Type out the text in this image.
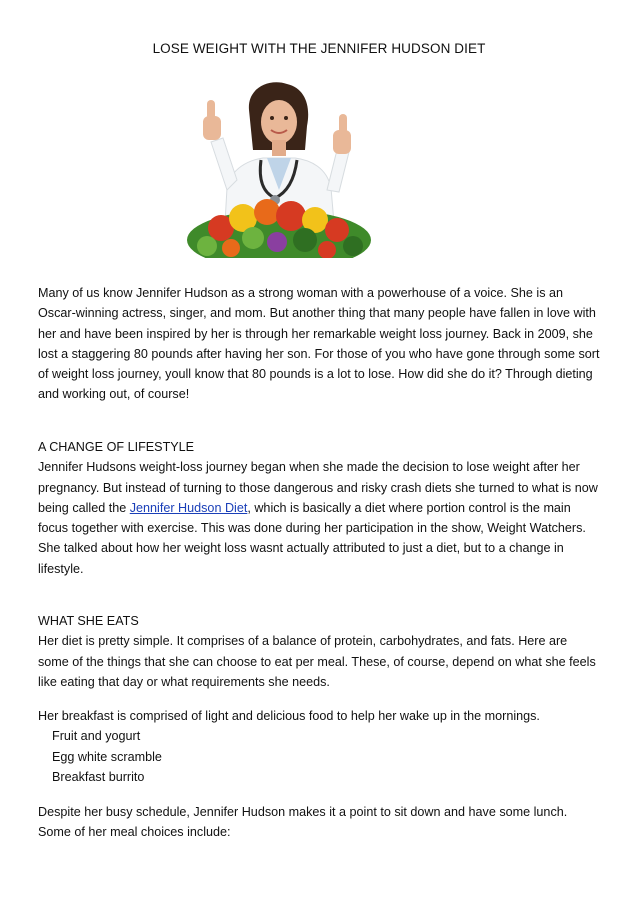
LOSE WEIGHT WITH THE JENNIFER HUDSON DIET
Many of us know Jennifer Hudson as a strong woman with a powerhouse of a voice. She is an Oscar-winning actress, singer, and mom. But another thing that many people have fallen in love with her and have been inspired by her is through her remarkable weight loss journey. Back in 2009, she lost a staggering 80 pounds after having her son. For those of you who have gone through some sort of weight loss journey, youll know that 80 pounds is a lot to lose. How did she do it? Through dieting and working out, of course!
A CHANGE OF LIFESTYLE
Jennifer Hudsons weight-loss journey began when she made the decision to lose weight after her pregnancy. But instead of turning to those dangerous and risky crash diets she turned to what is now being called the Jennifer Hudson Diet, which is basically a diet where portion control is the main focus together with exercise. This was done during her participation in the show, Weight Watchers. She talked about how her weight loss wasnt actually attributed to just a diet, but to a change in lifestyle.
WHAT SHE EATS
Her diet is pretty simple. It comprises of a balance of protein, carbohydrates, and fats. Here are some of the things that she can choose to eat per meal. These, of course, depend on what she feels like eating that day or what requirements she needs.
Her breakfast is comprised of light and delicious food to help her wake up in the mornings.
Fruit and yogurt
Egg white scramble
Breakfast burrito
Despite her busy schedule, Jennifer Hudson makes it a point to sit down and have some lunch. Some of her meal choices include:
